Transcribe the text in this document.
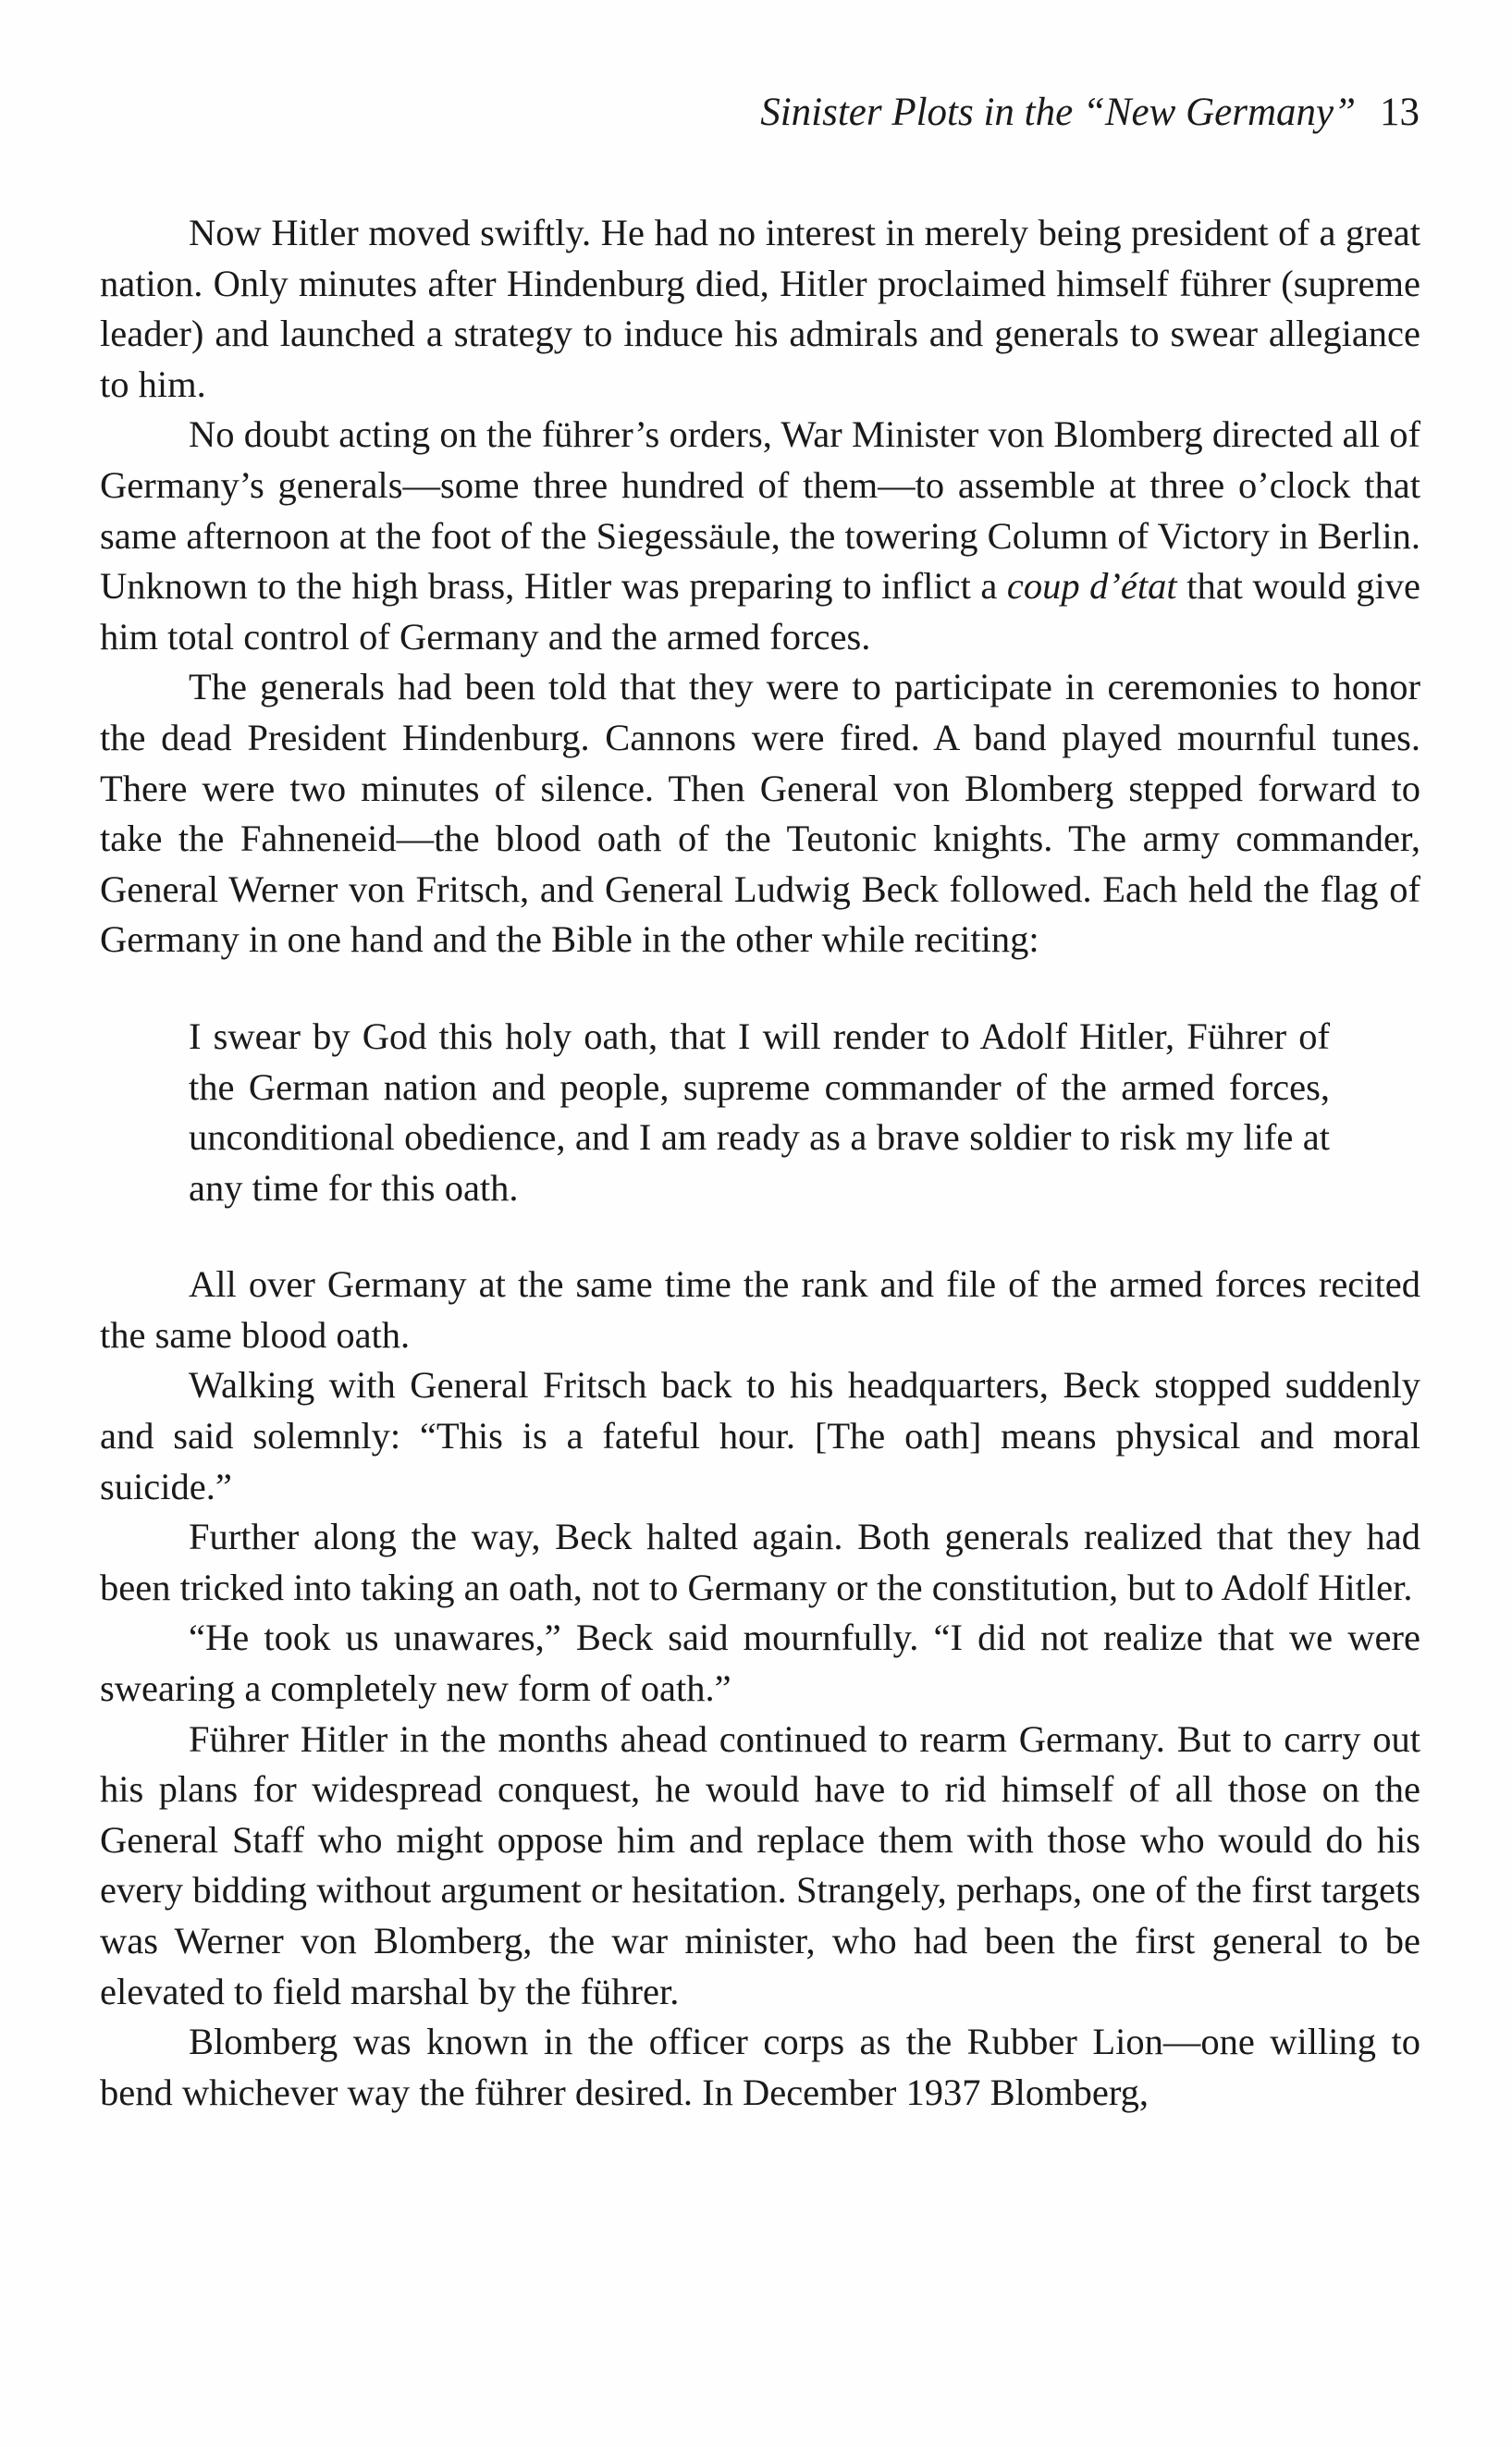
Sinister Plots in the “New Germany” 13

Now Hitler moved swiftly. He had no interest in merely being president of a great nation. Only minutes after Hindenburg died, Hitler proclaimed himself führer (supreme leader) and launched a strategy to induce his admirals and generals to swear allegiance to him.

No doubt acting on the führer’s orders, War Minister von Blomberg directed all of Germany’s generals—some three hundred of them—to assemble at three o’clock that same afternoon at the foot of the Siegessäule, the towering Column of Victory in Berlin. Unknown to the high brass, Hitler was preparing to inflict a coup d’état that would give him total control of Germany and the armed forces.

The generals had been told that they were to participate in ceremonies to honor the dead President Hindenburg. Cannons were fired. A band played mournful tunes. There were two minutes of silence. Then General von Blomberg stepped forward to take the Fahneneid—the blood oath of the Teutonic knights. The army commander, General Werner von Fritsch, and General Ludwig Beck followed. Each held the flag of Germany in one hand and the Bible in the other while reciting:

I swear by God this holy oath, that I will render to Adolf Hitler, Führer of the German nation and people, supreme commander of the armed forces, unconditional obedience, and I am ready as a brave soldier to risk my life at any time for this oath.

All over Germany at the same time the rank and file of the armed forces recited the same blood oath.

Walking with General Fritsch back to his headquarters, Beck stopped suddenly and said solemnly: “This is a fateful hour. [The oath] means physical and moral suicide.”

Further along the way, Beck halted again. Both generals realized that they had been tricked into taking an oath, not to Germany or the constitution, but to Adolf Hitler.

“He took us unawares,” Beck said mournfully. “I did not realize that we were swearing a completely new form of oath.”

Führer Hitler in the months ahead continued to rearm Germany. But to carry out his plans for widespread conquest, he would have to rid himself of all those on the General Staff who might oppose him and replace them with those who would do his every bidding without argument or hesitation. Strangely, perhaps, one of the first targets was Werner von Blomberg, the war minister, who had been the first general to be elevated to field marshal by the führer.

Blomberg was known in the officer corps as the Rubber Lion—one willing to bend whichever way the führer desired. In December 1937 Blomberg,
